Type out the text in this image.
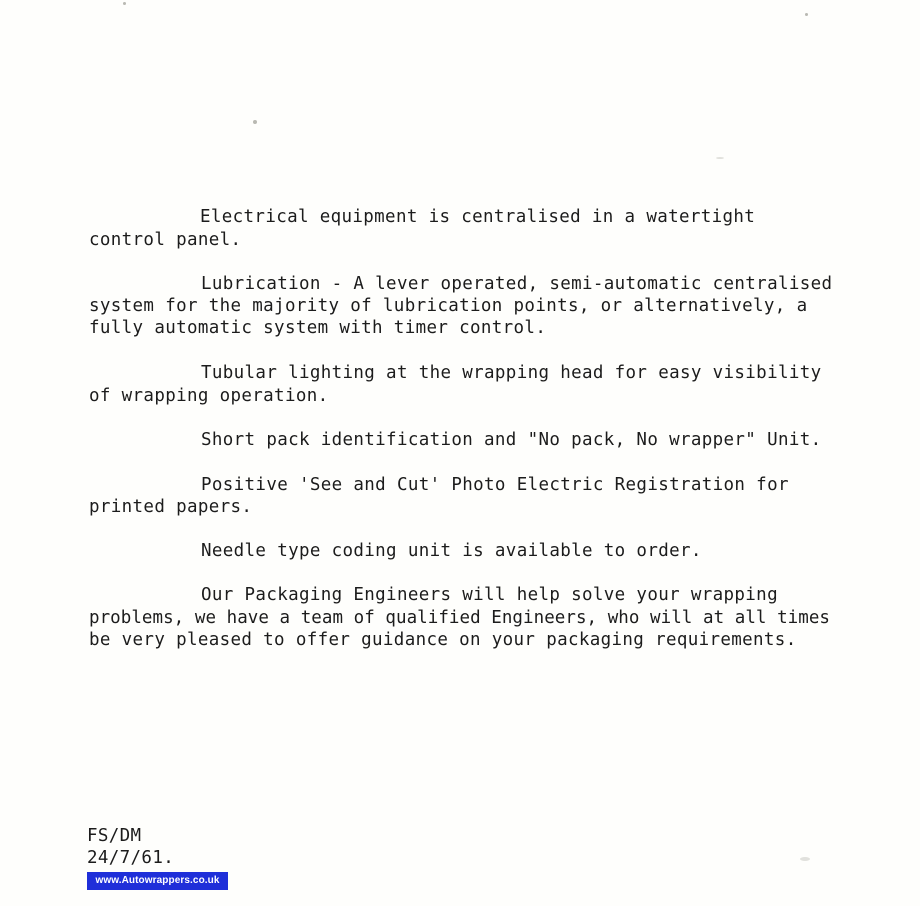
Electrical equipment is centralised in a watertight
control panel.
Lubrication - A lever operated, semi-automatic centralised
system for the majority of lubrication points, or alternatively, a
fully automatic system with timer control.
Tubular lighting at the wrapping head for easy visibility
of wrapping operation.
Short pack identification and "No pack, No wrapper" Unit.
Positive 'See and Cut' Photo Electric Registration for
printed papers.
Needle type coding unit is available to order.
Our Packaging Engineers will help solve your wrapping
problems, we have a team of qualified Engineers, who will at all times
be very pleased to offer guidance on your packaging requirements.
FS/DM
24/7/61.
www.Autowrappers.co.uk
